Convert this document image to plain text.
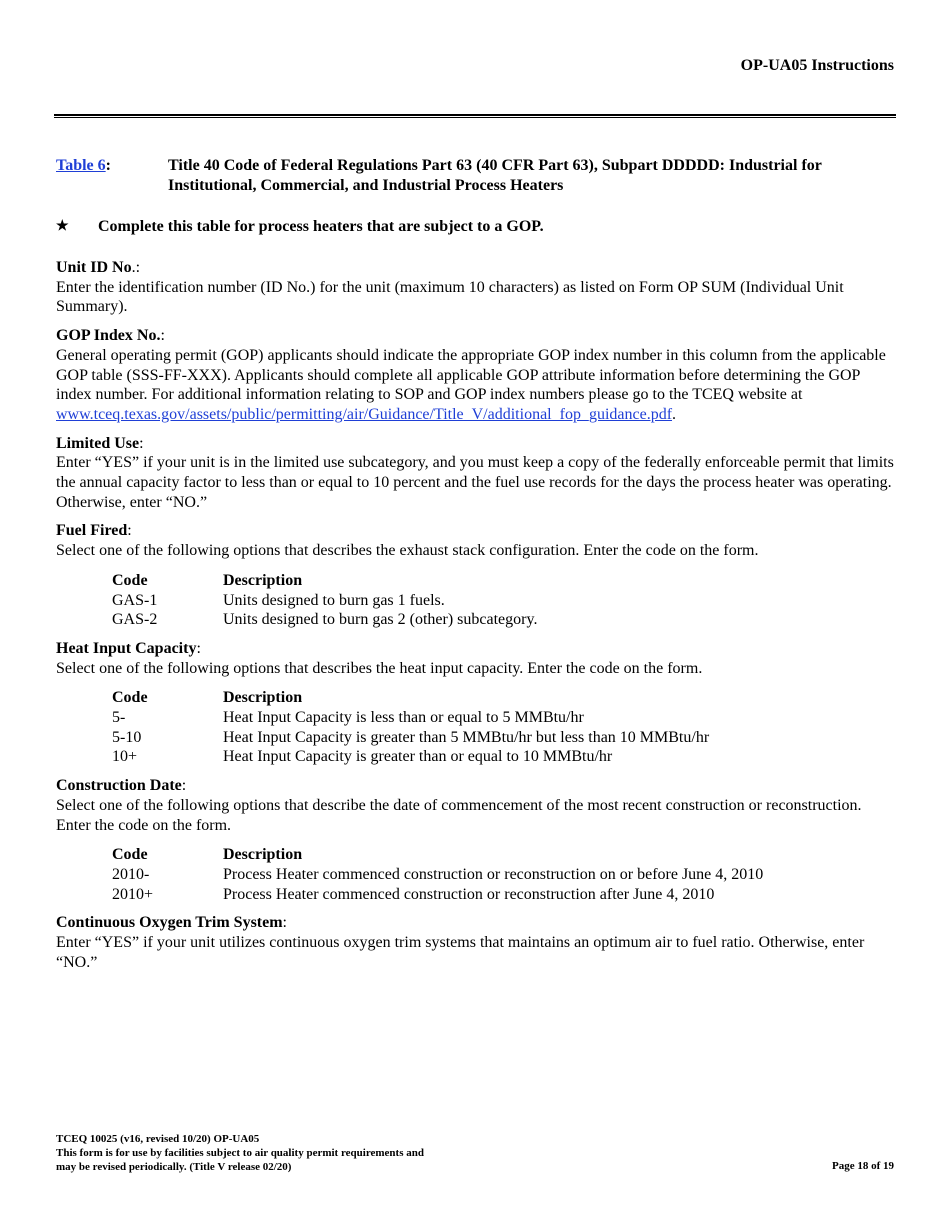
OP-UA05 Instructions
Table 6:	Title 40 Code of Federal Regulations Part 63 (40 CFR Part 63), Subpart DDDDD: Industrial for Institutional, Commercial, and Industrial Process Heaters
★ Complete this table for process heaters that are subject to a GOP.
Unit ID No.:

Enter the identification number (ID No.) for the unit (maximum 10 characters) as listed on Form OP SUM (Individual Unit Summary).

GOP Index No.:

General operating permit (GOP) applicants should indicate the appropriate GOP index number in this column from the applicable GOP table (SSS-FF-XXX). Applicants should complete all applicable GOP attribute information before determining the GOP index number. For additional information relating to SOP and GOP index numbers please go to the TCEQ website at www.tceq.texas.gov/assets/public/permitting/air/Guidance/Title_V/additional_fop_guidance.pdf.

Limited Use:

Enter “YES” if your unit is in the limited use subcategory, and you must keep a copy of the federally enforceable permit that limits the annual capacity factor to less than or equal to 10 percent and the fuel use records for the days the process heater was operating. Otherwise, enter “NO.”

Fuel Fired:

Select one of the following options that describes the exhaust stack configuration. Enter the code on the form.

Code	Description
GAS-1	Units designed to burn gas 1 fuels.
GAS-2	Units designed to burn gas 2 (other) subcategory.
Heat Input Capacity:

Select one of the following options that describes the heat input capacity. Enter the code on the form.

Code	Description
5-	Heat Input Capacity is less than or equal to 5 MMBtu/hr
5-10	Heat Input Capacity is greater than 5 MMBtu/hr but less than 10 MMBtu/hr
10+	Heat Input Capacity is greater than or equal to 10 MMBtu/hr
Construction Date:

Select one of the following options that describe the date of commencement of the most recent construction or reconstruction. Enter the code on the form.

Code	Description
2010-	Process Heater commenced construction or reconstruction on or before June 4, 2010
2010+	Process Heater commenced construction or reconstruction after June 4, 2010
Continuous Oxygen Trim System:

Enter “YES” if your unit utilizes continuous oxygen trim systems that maintains an optimum air to fuel ratio. Otherwise, enter “NO.”

TCEQ 10025 (v16, revised 10/20) OP-UA05
This form is for use by facilities subject to air quality permit requirements and
may be revised periodically. (Title V release 02/20)	Page 18 of 19
